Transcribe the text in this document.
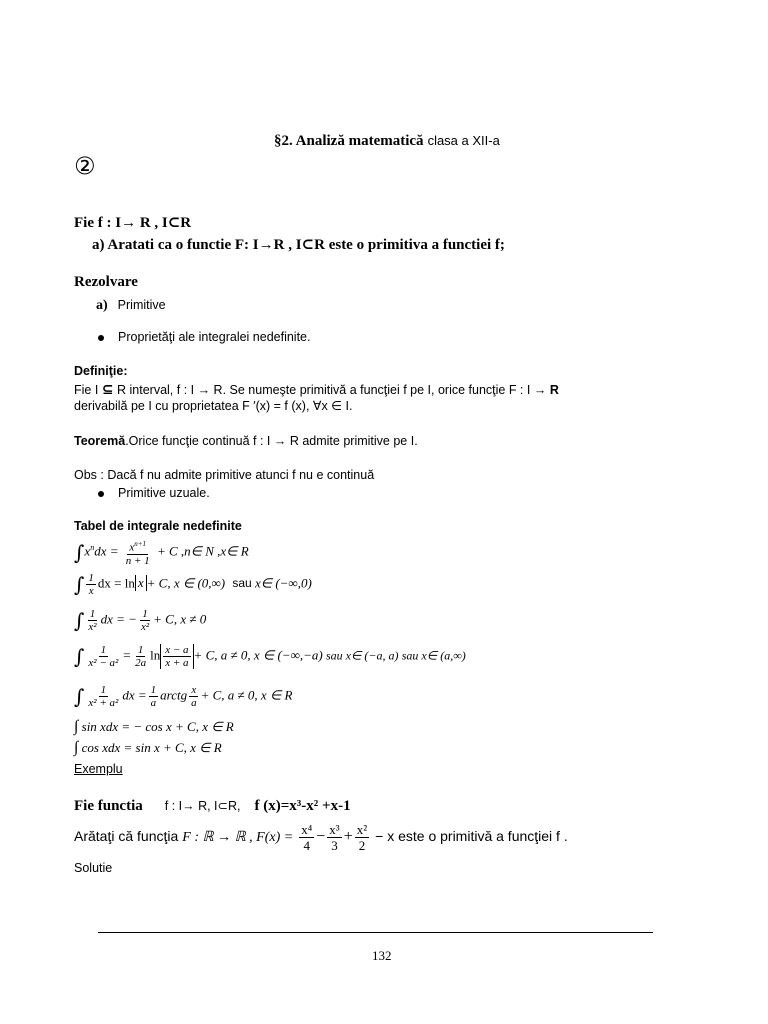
§2. Analiză matematică clasa a XII-a
②
Fie f : I→ R , I⊂R
a) Aratati ca o functie F: I→R , I⊂R este o primitiva a functiei f;
Rezolvare
a) Primitive
Proprietăţi ale integralei nedefinite.
Definiţie:
Fie I ⊆ R interval, f : I → R. Se numeşte primitivă a funcţiei f pe I, orice funcţie F : I → R
derivabilă pe I cu proprietatea F ′(x) = f (x), ∀x ∈ I.
Teoremă.Orice funcţie continuă f : I → R admite primitive pe I.
Obs : Dacă f nu admite primitive atunci f nu e continuă
Primitive uzuale.
Tabel de integrale nedefinite
$\int x^ndx = \frac{x^{n+1}}{n + 1} + C$ ,n∈ N ,x∈ R
∫ $\frac{1}{x}$ dx = ln x + C, x ∈ (0,∞) sau x∈ (−∞,0)
∫ $\frac{1}{\text{x²}}$ dx = − $\frac{1}{\text{x²}} + C$, x ≠ 0
∫ $\frac{1}{\text{x² − a²}} = \frac{1}{2a}$ $\ln \frac{x - a}{x + a} + C$, a ≠ 0, x ∈ (−∞,−a) sau x∈ (−a, a) sau x∈ (a,∞)
∫ $\frac{1}{\text{x² + a²}}$ dx = $\frac{1}{a}$ arctg $\frac{x}{a} + C$, a ≠ 0, x ∈ R
∫ sin xdx = − cos x + C, x ∈ R
∫ cos xdx = sin x + C, x ∈ R
Exemplu
Fie functia f : I→ R, I⊂R, f (x)=x³-x² +x-1
Arătaţi că funcţia F : ℝ → ℝ , $F(x) = \frac{\text{x⁴}}{4} - \frac{\text{x³}}{3} + \frac{\text{x²}}{2} - x$ este o primitivă a funcţiei f .
Solutie
132
